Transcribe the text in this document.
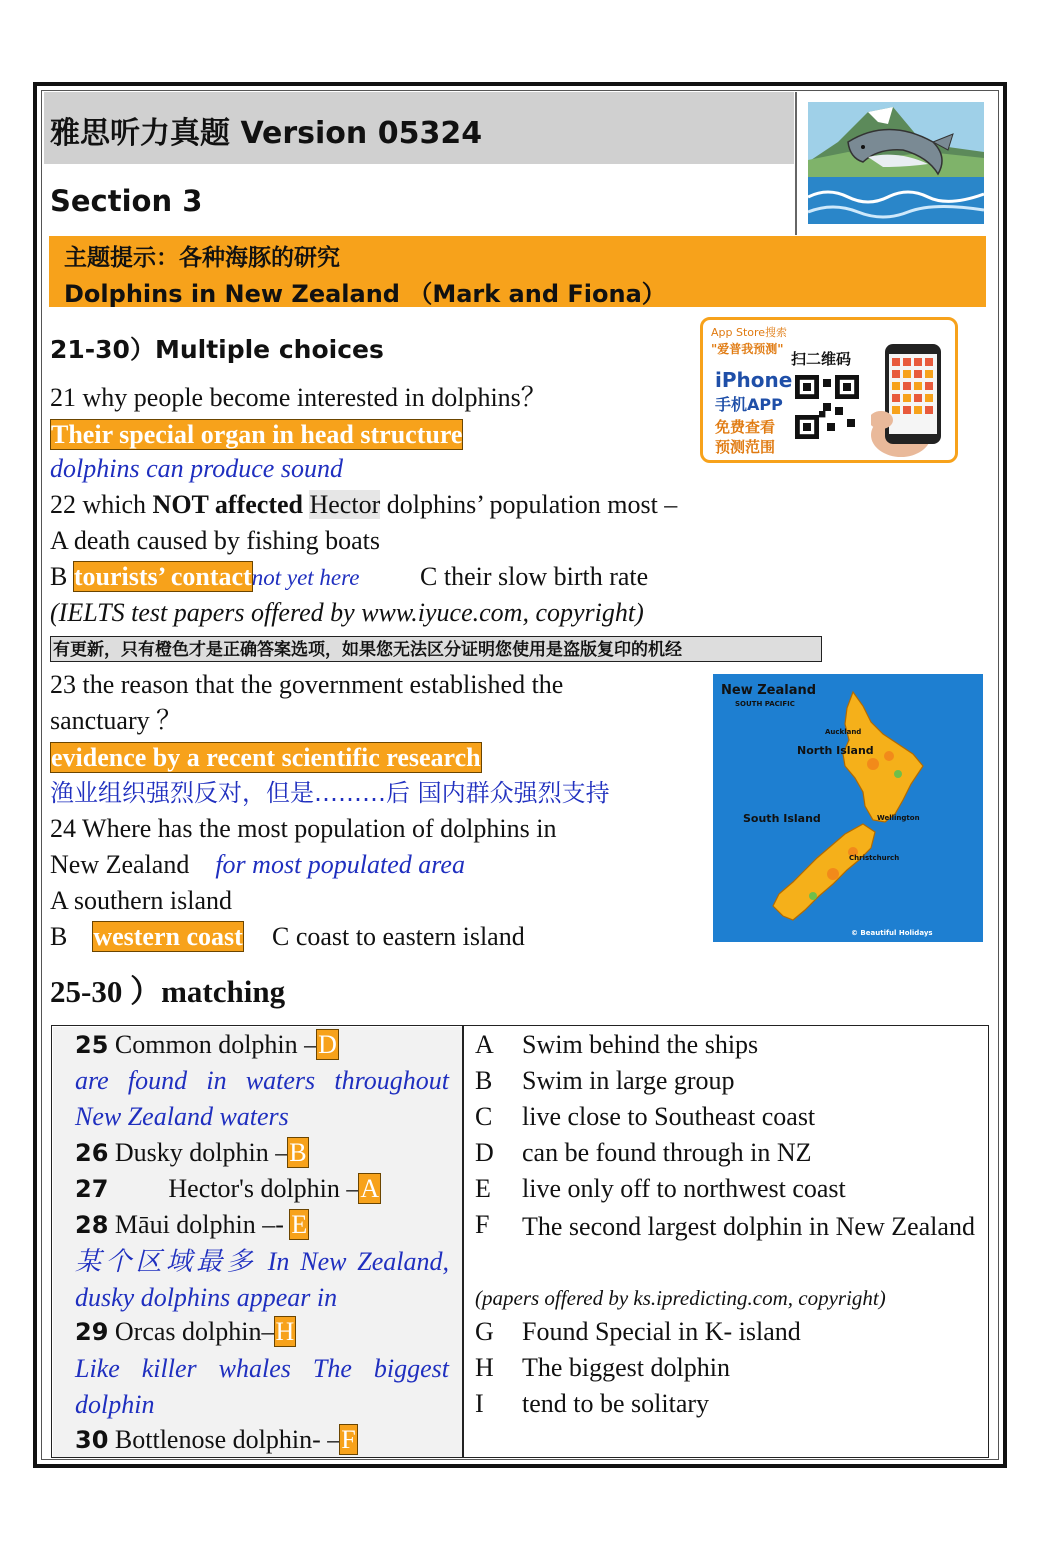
雅思听力真题 Version 05324
Section 3
主题提示：各种海豚的研究
Dolphins in New Zealand （Mark and Fiona）
21-30）Multiple choices
App Store搜索
"爱普我预测"
扫二维码
iPhone
手机APP
免费查看
预测范围
21 why people become interested in dolphins？
Their special organ in head structure
dolphins can produce sound
22 which NOT affected Hector dolphins’ population most –
A death caused by fishing boats
B tourists’ contactnot yet here C their slow birth rate
(IELTS test papers offered by www.iyuce.com, copyright)
有更新，只有橙色才是正确答案选项，如果您无法区分证明您使用是盗版复印的机经
23 the reason that the government established the
sanctuary ？
evidence by a recent scientific research
渔业组织强烈反对，但是………后 国内群众强烈支持
24 Where has the most population of dolphins in
New Zealand for most populated area
A southern island
B western coast C coast to eastern island
New Zealand
SOUTH PACIFIC
North Island
South Island
Auckland
Wellington
Christchurch
© Beautiful Holidays
25-30 ）matching
25 Common dolphin –D
are found in waters throughout New Zealand waters
26 Dusky dolphin –B
27 Hector's dolphin –A
28 Māui dolphin –- E
某个区域最多 In New Zealand, dusky dolphins appear in
29 Orcas dolphin–H
Like killer whales The biggest dolphin
30 Bottlenose dolphin- –F
A Swim behind the ships
B Swim in large group
C live close to Southeast coast
D can be found through in NZ
E live only off to northwest coast
F	The second largest dolphin in New Zealand
(papers offered by ks.ipredicting.com, copyright)
G Found Special in K- island
H The biggest dolphin
I tend to be solitary
